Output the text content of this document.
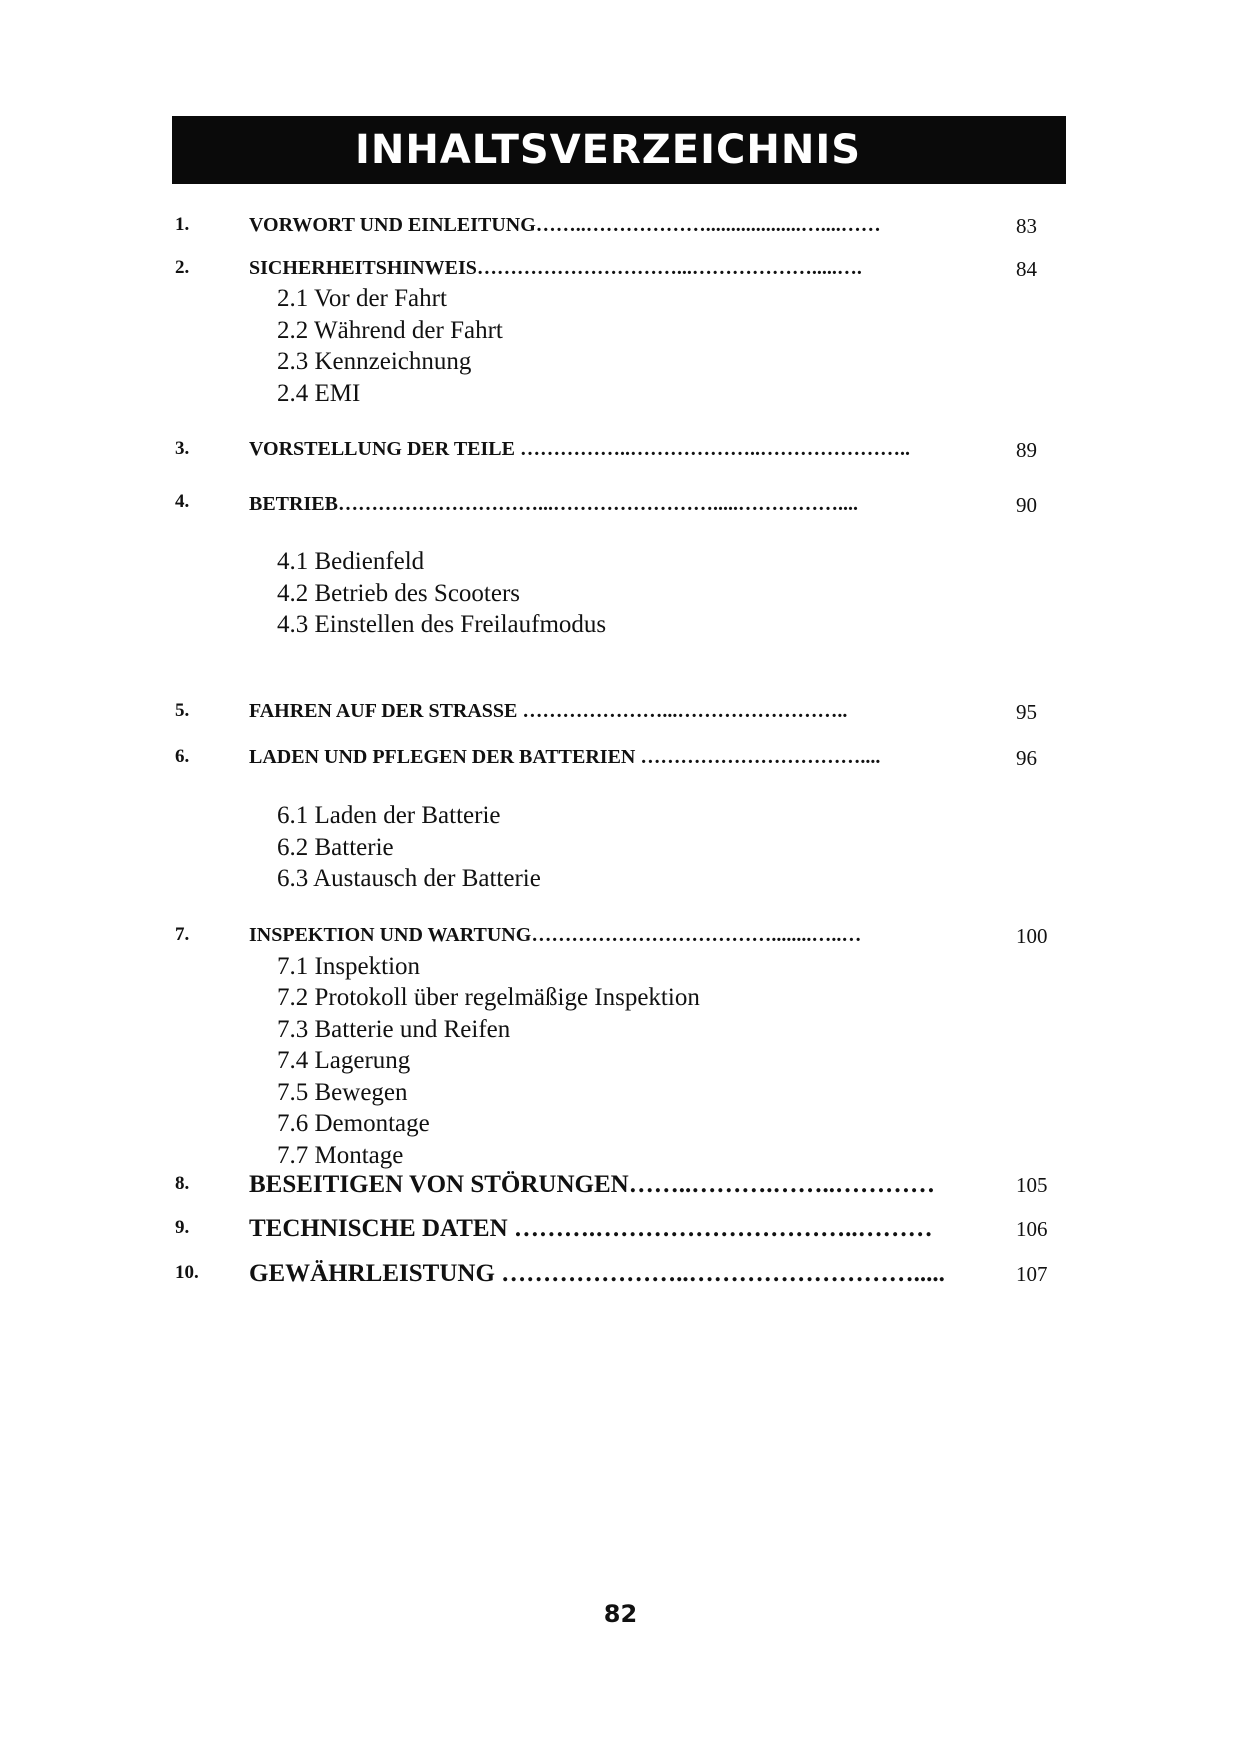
INHALTSVERZEICHNIS
1.	VORWORT UND EINLEITUNG……..………………...................…....……	83
2.	SICHERHEITSHINWEIS…………………………...……………….....….	84
2.1 Vor der Fahrt
2.2 Während der Fahrt
2.3 Kennzeichnung
2.4 EMI
3.	VORSTELLUNG DER TEILE ……………..………………..…………………..	89
4.	BETRIEB…………………………...…………………….....……………....	90
4.1 Bedienfeld
4.2 Betrieb des Scooters
4.3 Einstellen des Freilaufmodus
5.	FAHREN AUF DER STRASSE …………………...……………………..	95
6.	LADEN UND PFLEGEN DER BATTERIEN ……………………………....	96
6.1 Laden der Batterie
6.2 Batterie
6.3 Austausch der Batterie
7.	INSPEKTION UND WARTUNG………………………………........…..…	100
7.1 Inspektion
7.2 Protokoll über regelmäßige Inspektion
7.3 Batterie und Reifen
7.4 Lagerung
7.5 Bewegen
7.6 Demontage
7.7 Montage
8. BESEITIGEN VON STÖRUNGEN……..……….……..…………	105
9. TECHNISCHE DATEN ……….…………………………..………	106
10. GEWÄHRLEISTUNG …………………..……………………….....	107
82
